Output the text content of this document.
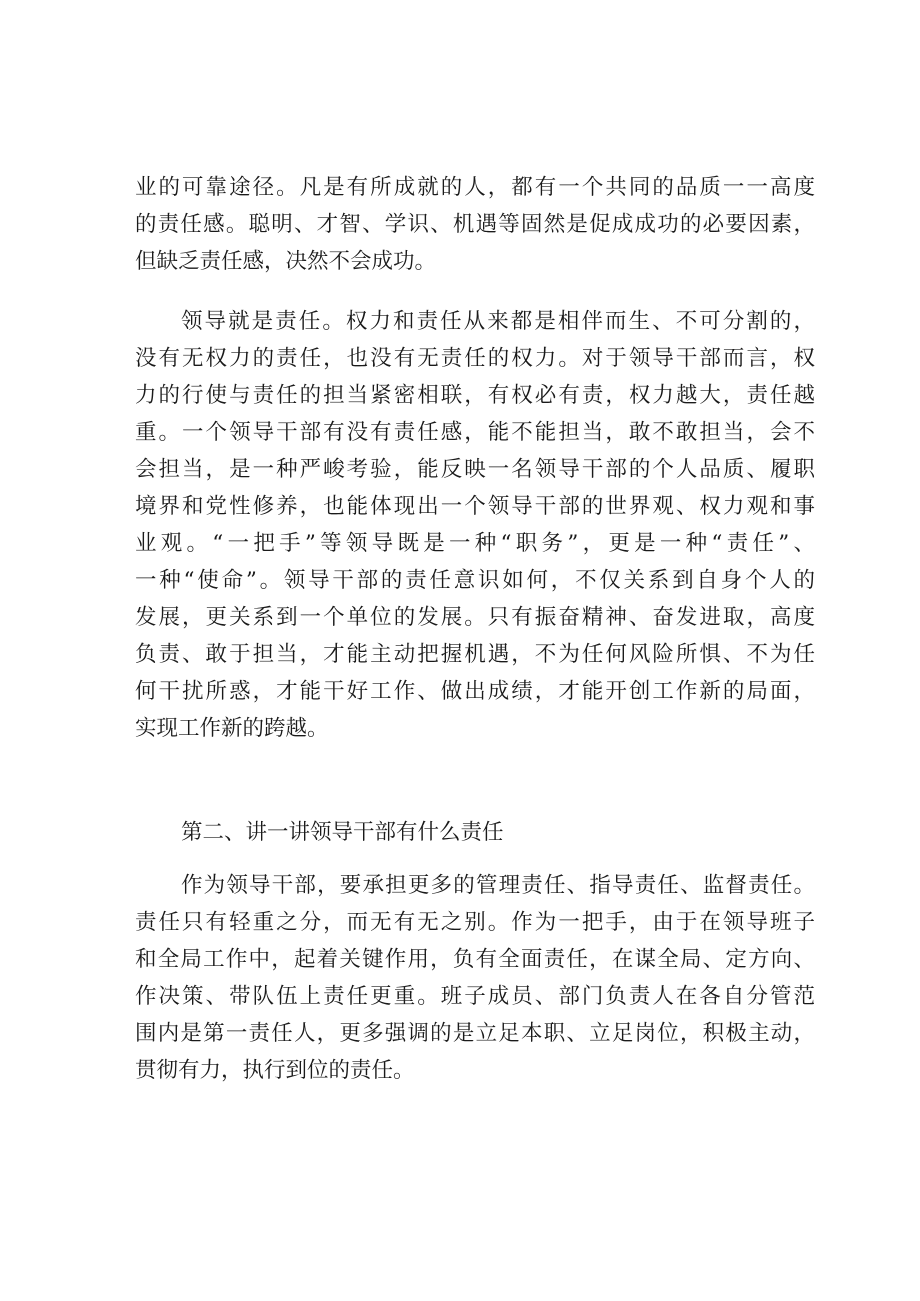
业的可靠途径。凡是有所成就的人，都有一个共同的品质一一高度
的责任感。聪明、才智、学识、机遇等固然是促成成功的必要因素，
但缺乏责任感，决然不会成功。
领导就是责任。权力和责任从来都是相伴而生、不可分割的，
没有无权力的责任，也没有无责任的权力。对于领导干部而言，权
力的行使与责任的担当紧密相联，有权必有责，权力越大，责任越
重。一个领导干部有没有责任感，能不能担当，敢不敢担当，会不
会担当，是一种严峻考验，能反映一名领导干部的个人品质、履职
境界和党性修养，也能体现出一个领导干部的世界观、权力观和事
业观。“一把手”等领导既是一种“职务”，更是一种“责任”、
一种“使命”。领导干部的责任意识如何，不仅关系到自身个人的
发展，更关系到一个单位的发展。只有振奋精神、奋发进取，高度
负责、敢于担当，才能主动把握机遇，不为任何风险所惧、不为任
何干扰所惑，才能干好工作、做出成绩，才能开创工作新的局面，
实现工作新的跨越。
第二、讲一讲领导干部有什么责任
作为领导干部，要承担更多的管理责任、指导责任、监督责任。
责任只有轻重之分，而无有无之别。作为一把手，由于在领导班子
和全局工作中，起着关键作用，负有全面责任，在谋全局、定方向、
作决策、带队伍上责任更重。班子成员、部门负责人在各自分管范
围内是第一责任人，更多强调的是立足本职、立足岗位，积极主动，
贯彻有力，执行到位的责任。
